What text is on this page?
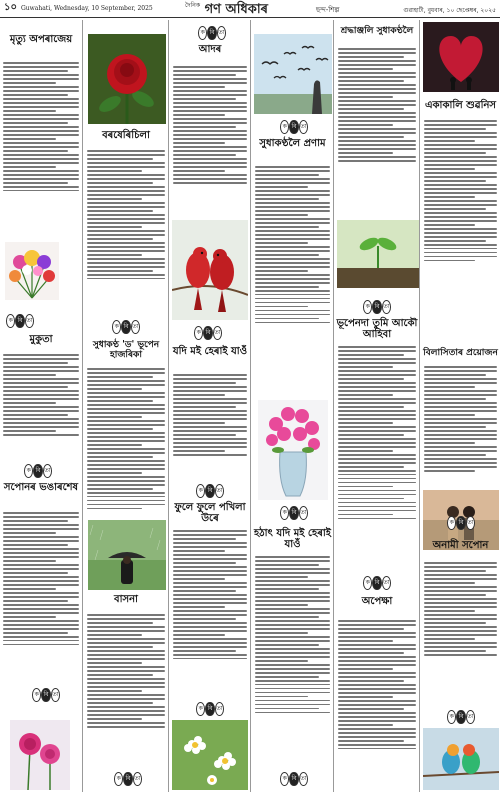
১০ Guwahati, Wednesday, 10 September, 2025	$^{দৈনিক}$ গণ অধিকাৰ	ছন্দ-শিল্প	গুৱাহাটী, বুধবাৰ, ১০ ছেপ্তেম্বৰ, ২০২৫
মৃত্যু অপৰাজেয়
ক বি তা
মুকুতা
ক বি তা
সপোনৰ ভঙাৰশেষ
ক বি তা
বৰষেৰিচিলা
ক বি তা
সুধাকণ্ঠ 'ড' ভূপেন হাজৰিকা
বাসনা
ক বি তা
ক বি তা
আদৰ
ক বি তা
যদি মই হেৰাই যাওঁ
ক বি তা
ফুলে ফুলে পখিলা উৰে
ক বি তা
ক বি তা
সুধাকণ্ঠলৈ প্ৰণাম
ক বি তা
হঠাৎ যদি মই হেৰাই যাওঁ
ক বি তা
শ্ৰদ্ধাঞ্জলি সুধাকণ্ঠলৈ
ক বি তা
ভূপেনদা তুমি আকৌ আহিবা
ক বি তা
অপেক্ষা
একাকালি শুৱনিস
বিলাসিতাৰ প্ৰয়োজন
ক বি তা
অনামী সপোন
ক বি তা
